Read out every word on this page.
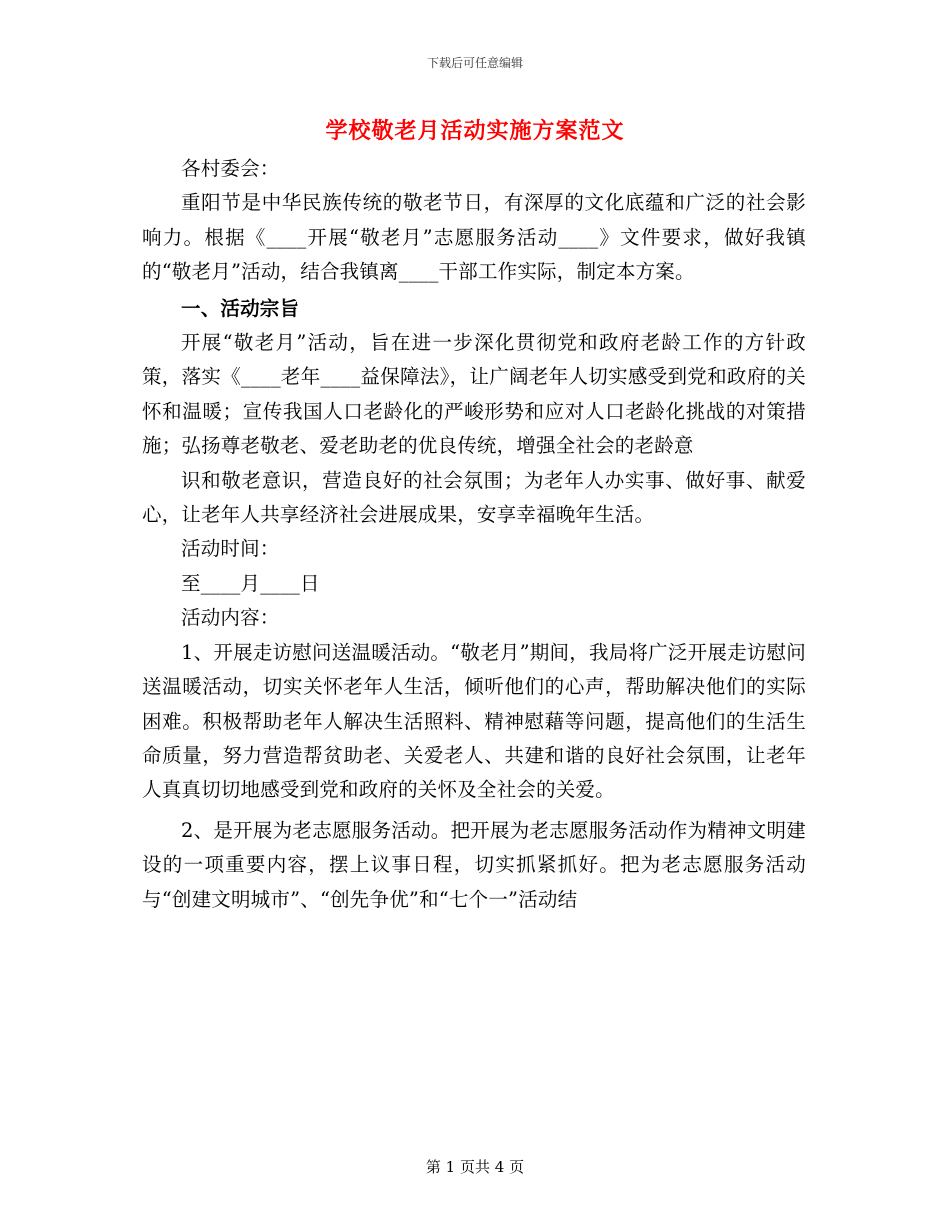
下载后可任意编辑
学校敬老月活动实施方案范文

各村委会：

重阳节是中华民族传统的敬老节日，有深厚的文化底蕴和广泛的社会影响力。根据《____开展“敬老月”志愿服务活动____》文件要求，做好我镇的“敬老月”活动，结合我镇离____干部工作实际，制定本方案。

一、活动宗旨

开展“敬老月”活动，旨在进一步深化贯彻党和政府老龄工作的方针政策，落实《____老年____益保障法》，让广阔老年人切实感受到党和政府的关怀和温暖；宣传我国人口老龄化的严峻形势和应对人口老龄化挑战的对策措施；弘扬尊老敬老、爱老助老的优良传统，增强全社会的老龄意

识和敬老意识，营造良好的社会氛围；为老年人办实事、做好事、献爱心，让老年人共享经济社会进展成果，安享幸福晚年生活。

活动时间：

至____月____日

活动内容：

1、开展走访慰问送温暖活动。“敬老月”期间，我局将广泛开展走访慰问送温暖活动，切实关怀老年人生活，倾听他们的心声，帮助解决他们的实际困难。积极帮助老年人解决生活照料、精神慰藉等问题，提高他们的生活生命质量，努力营造帮贫助老、关爱老人、共建和谐的良好社会氛围，让老年人真真切切地感受到党和政府的关怀及全社会的关爱。

2、是开展为老志愿服务活动。把开展为老志愿服务活动作为精神文明建设的一项重要内容，摆上议事日程，切实抓紧抓好。把为老志愿服务活动与“创建文明城市”、“创先争优”和“七个一”活动结

第 1 页共 4 页
